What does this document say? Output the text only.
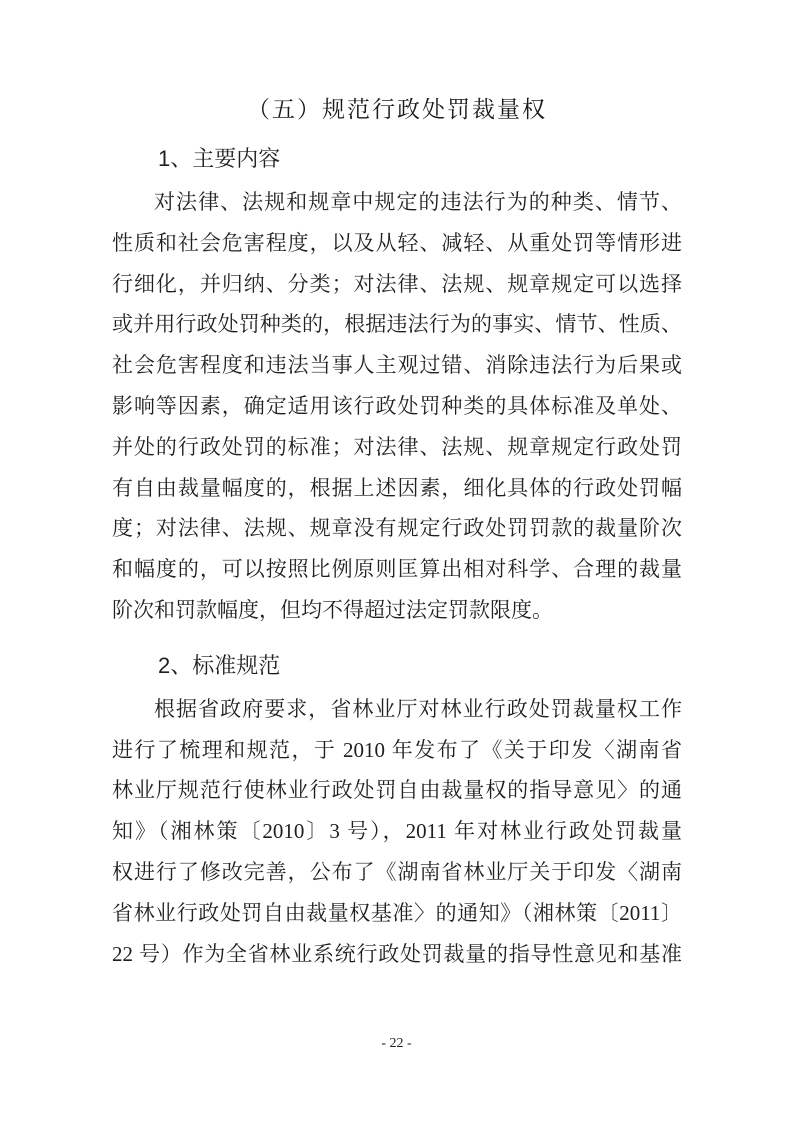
（五）规范行政处罚裁量权
1、主要内容
对法律、法规和规章中规定的违法行为的种类、情节、
性质和社会危害程度，以及从轻、减轻、从重处罚等情形进
行细化，并归纳、分类；对法律、法规、规章规定可以选择
或并用行政处罚种类的，根据违法行为的事实、情节、性质、
社会危害程度和违法当事人主观过错、消除违法行为后果或
影响等因素，确定适用该行政处罚种类的具体标准及单处、
并处的行政处罚的标准；对法律、法规、规章规定行政处罚
有自由裁量幅度的，根据上述因素，细化具体的行政处罚幅
度；对法律、法规、规章没有规定行政处罚罚款的裁量阶次
和幅度的，可以按照比例原则匡算出相对科学、合理的裁量
阶次和罚款幅度，但均不得超过法定罚款限度。
2、标准规范
根据省政府要求，省林业厅对林业行政处罚裁量权工作
进行了梳理和规范，于 2010 年发布了《关于印发〈湖南省
林业厅规范行使林业行政处罚自由裁量权的指导意见〉的通
知》（湘林策〔2010〕3 号），2011 年对林业行政处罚裁量
权进行了修改完善，公布了《湖南省林业厅关于印发〈湖南
省林业行政处罚自由裁量权基准〉的通知》（湘林策〔2011〕
22 号）作为全省林业系统行政处罚裁量的指导性意见和基准
- 22 -
